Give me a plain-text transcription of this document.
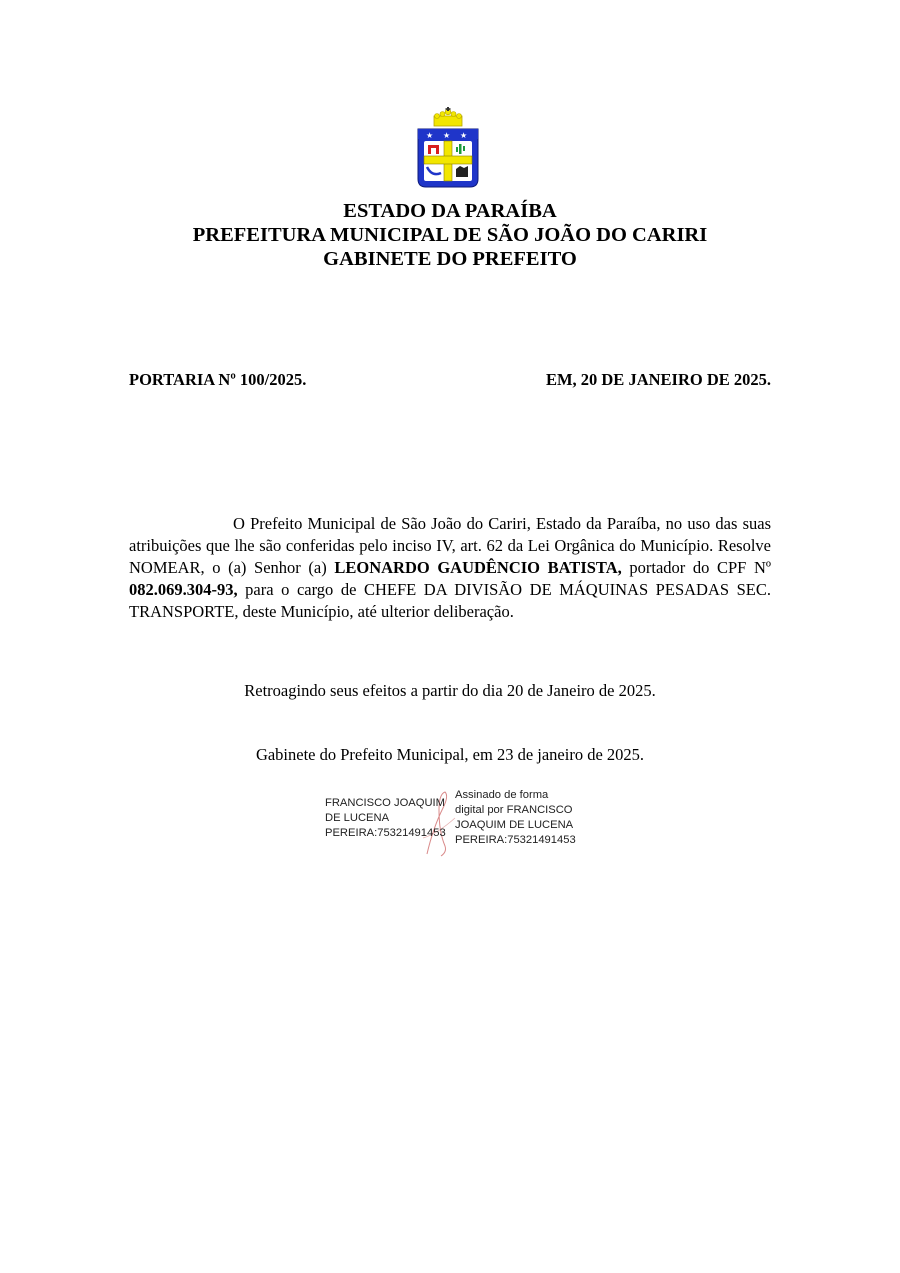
★ ★ ★
ESTADO DA PARAÍBA
PREFEITURA MUNICIPAL DE SÃO JOÃO DO CARIRI
GABINETE DO PREFEITO
PORTARIA Nº 100/2025.	EM, 20 DE JANEIRO DE 2025.
O Prefeito Municipal de São João do Cariri, Estado da Paraíba, no uso das suas atribuições que lhe são conferidas pelo inciso IV, art. 62 da Lei Orgânica do Município. Resolve NOMEAR, o (a) Senhor (a) LEONARDO GAUDÊNCIO BATISTA, portador do CPF Nº 082.069.304-93, para o cargo de CHEFE DA DIVISÃO DE MÁQUINAS PESADAS SEC. TRANSPORTE, deste Município, até ulterior deliberação.
Retroagindo seus efeitos a partir do dia 20 de Janeiro de 2025.
Gabinete do Prefeito Municipal, em 23 de janeiro de 2025.
FRANCISCO JOAQUIM
DE LUCENA
PEREIRA:75321491453
Assinado de forma
digital por FRANCISCO
JOAQUIM DE LUCENA
PEREIRA:75321491453
